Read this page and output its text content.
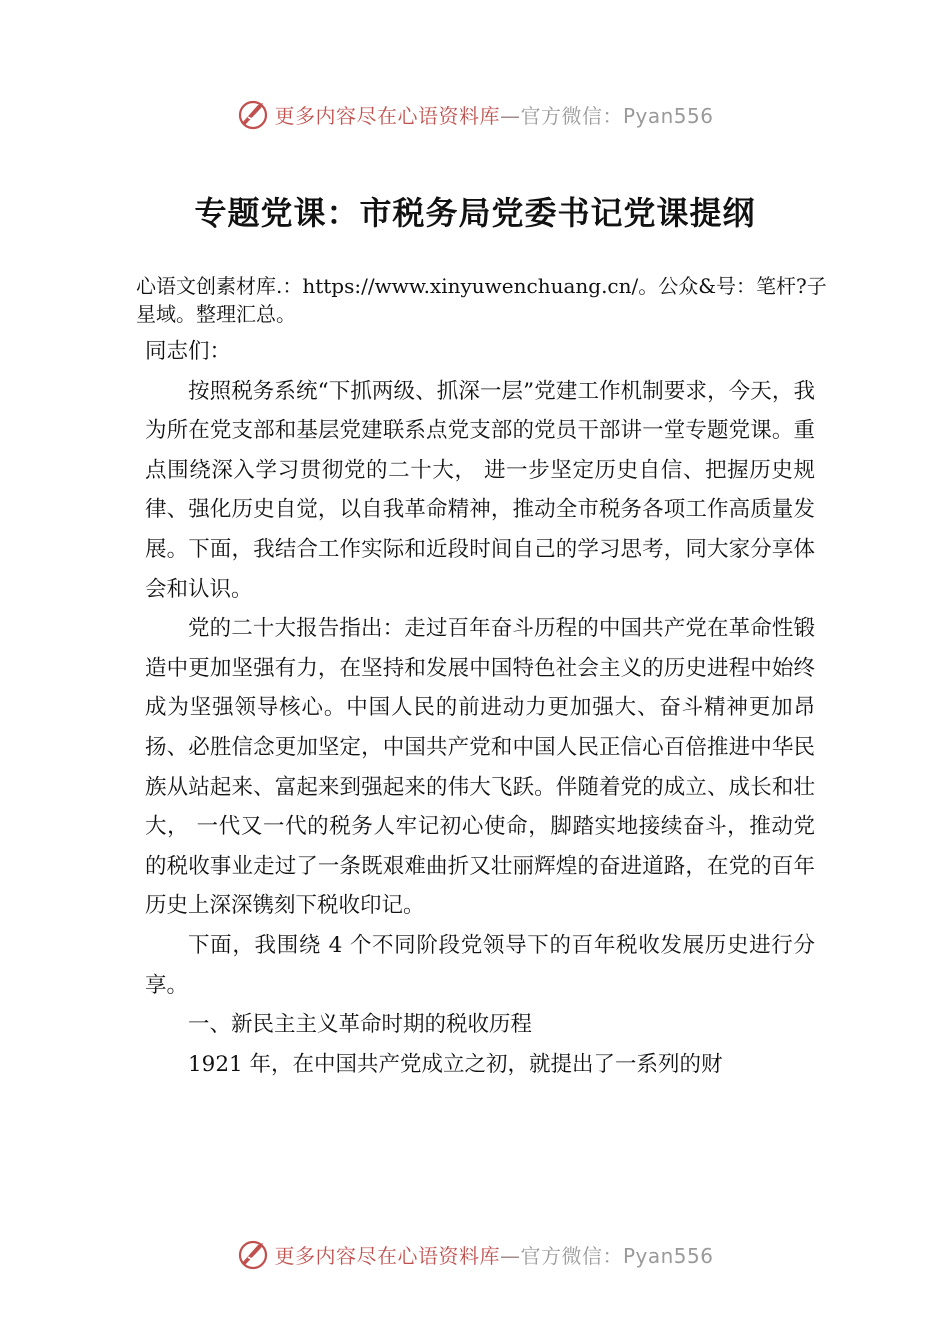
更多内容尽在心语资料库—官方微信：Pyan556
专题党课：市税务局党委书记党课提纲
心语文创素材库.：https://www.xinyuwenchuang.cn/。公众&号：笔杆?子星域。整理汇总。

同志们：

按照税务系统“下抓两级、抓深一层”党建工作机制要求，今天，我为所在党支部和基层党建联系点党支部的党员干部讲一堂专题党课。重点围绕深入学习贯彻党的二十大， 进一步坚定历史自信、把握历史规律、强化历史自觉，以自我革命精神，推动全市税务各项工作高质量发展。下面，我结合工作实际和近段时间自己的学习思考，同大家分享体会和认识。

党的二十大报告指出：走过百年奋斗历程的中国共产党在革命性锻造中更加坚强有力，在坚持和发展中国特色社会主义的历史进程中始终成为坚强领导核心。中国人民的前进动力更加强大、奋斗精神更加昂扬、必胜信念更加坚定，中国共产党和中国人民正信心百倍推进中华民族从站起来、富起来到强起来的伟大飞跃。伴随着党的成立、成长和壮大， 一代又一代的税务人牢记初心使命，脚踏实地接续奋斗，推动党的税收事业走过了一条既艰难曲折又壮丽辉煌的奋进道路，在党的百年历史上深深镌刻下税收印记。

下面，我围绕 4 个不同阶段党领导下的百年税收发展历史进行分享。

一、新民主主义革命时期的税收历程

1921 年，在中国共产党成立之初，就提出了一系列的财

更多内容尽在心语资料库—官方微信：Pyan556
